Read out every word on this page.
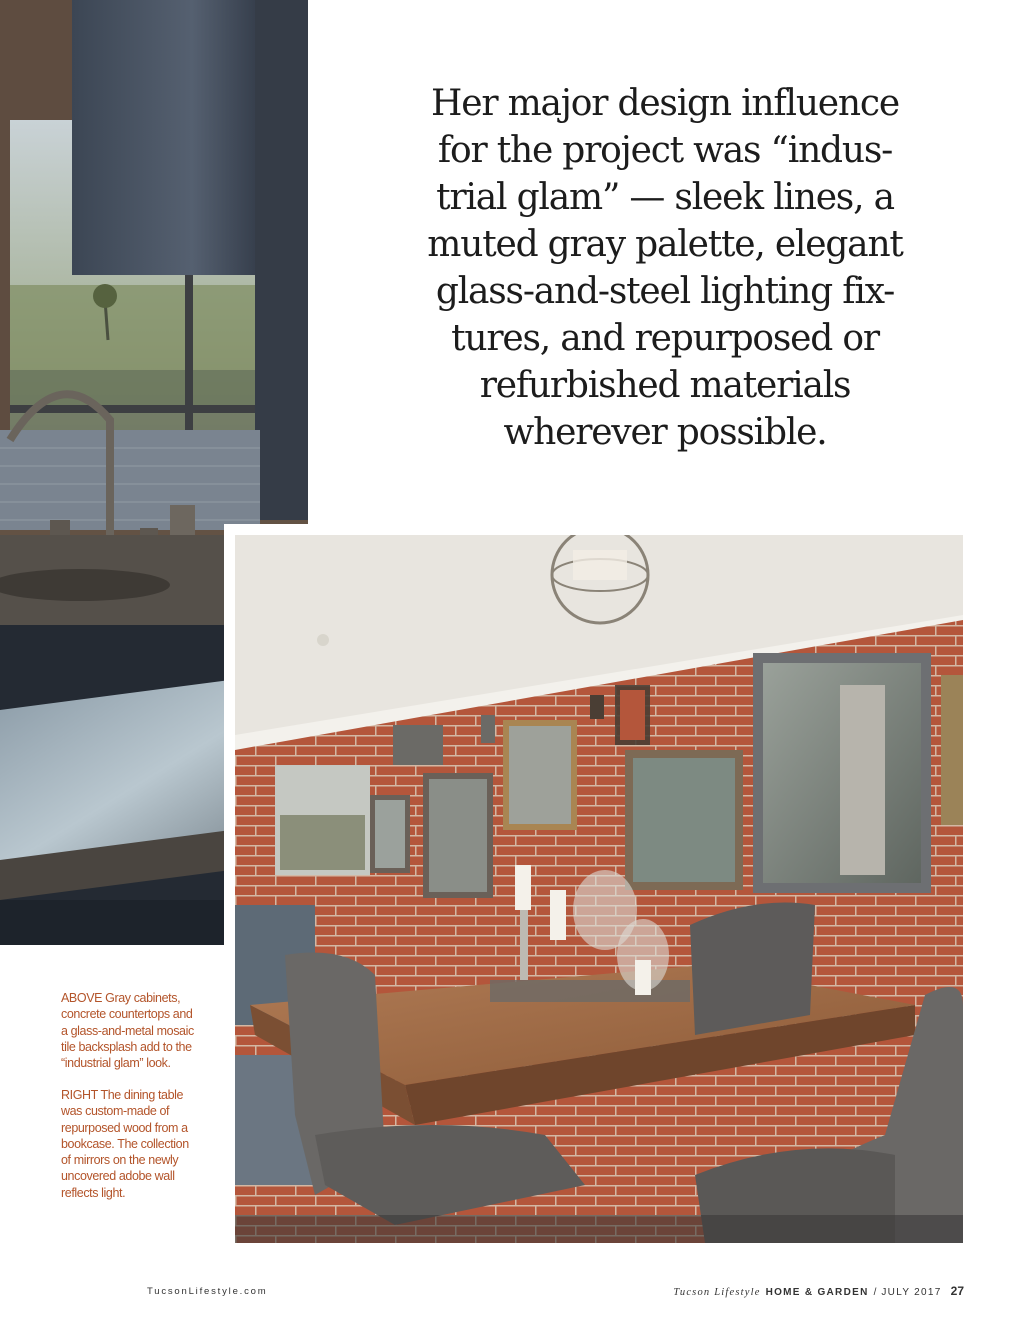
Her major design influence
for the project was “indus-
trial glam” — sleek lines, a
muted gray palette, elegant
glass-and-steel lighting fix-
tures, and repurposed or
refurbished materials
wherever possible.

ABOVE Gray cabinets,
concrete countertops and
a glass-and-metal mosaic
tile backsplash add to the
“industrial glam” look.

RIGHT The dining table
was custom-made of
repurposed wood from a
bookcase. The collection
of mirrors on the newly
uncovered adobe wall
reflects light.

TucsonLifestyle.com	Tucson Lifestyle HOME & GARDEN / JULY 2017 27
